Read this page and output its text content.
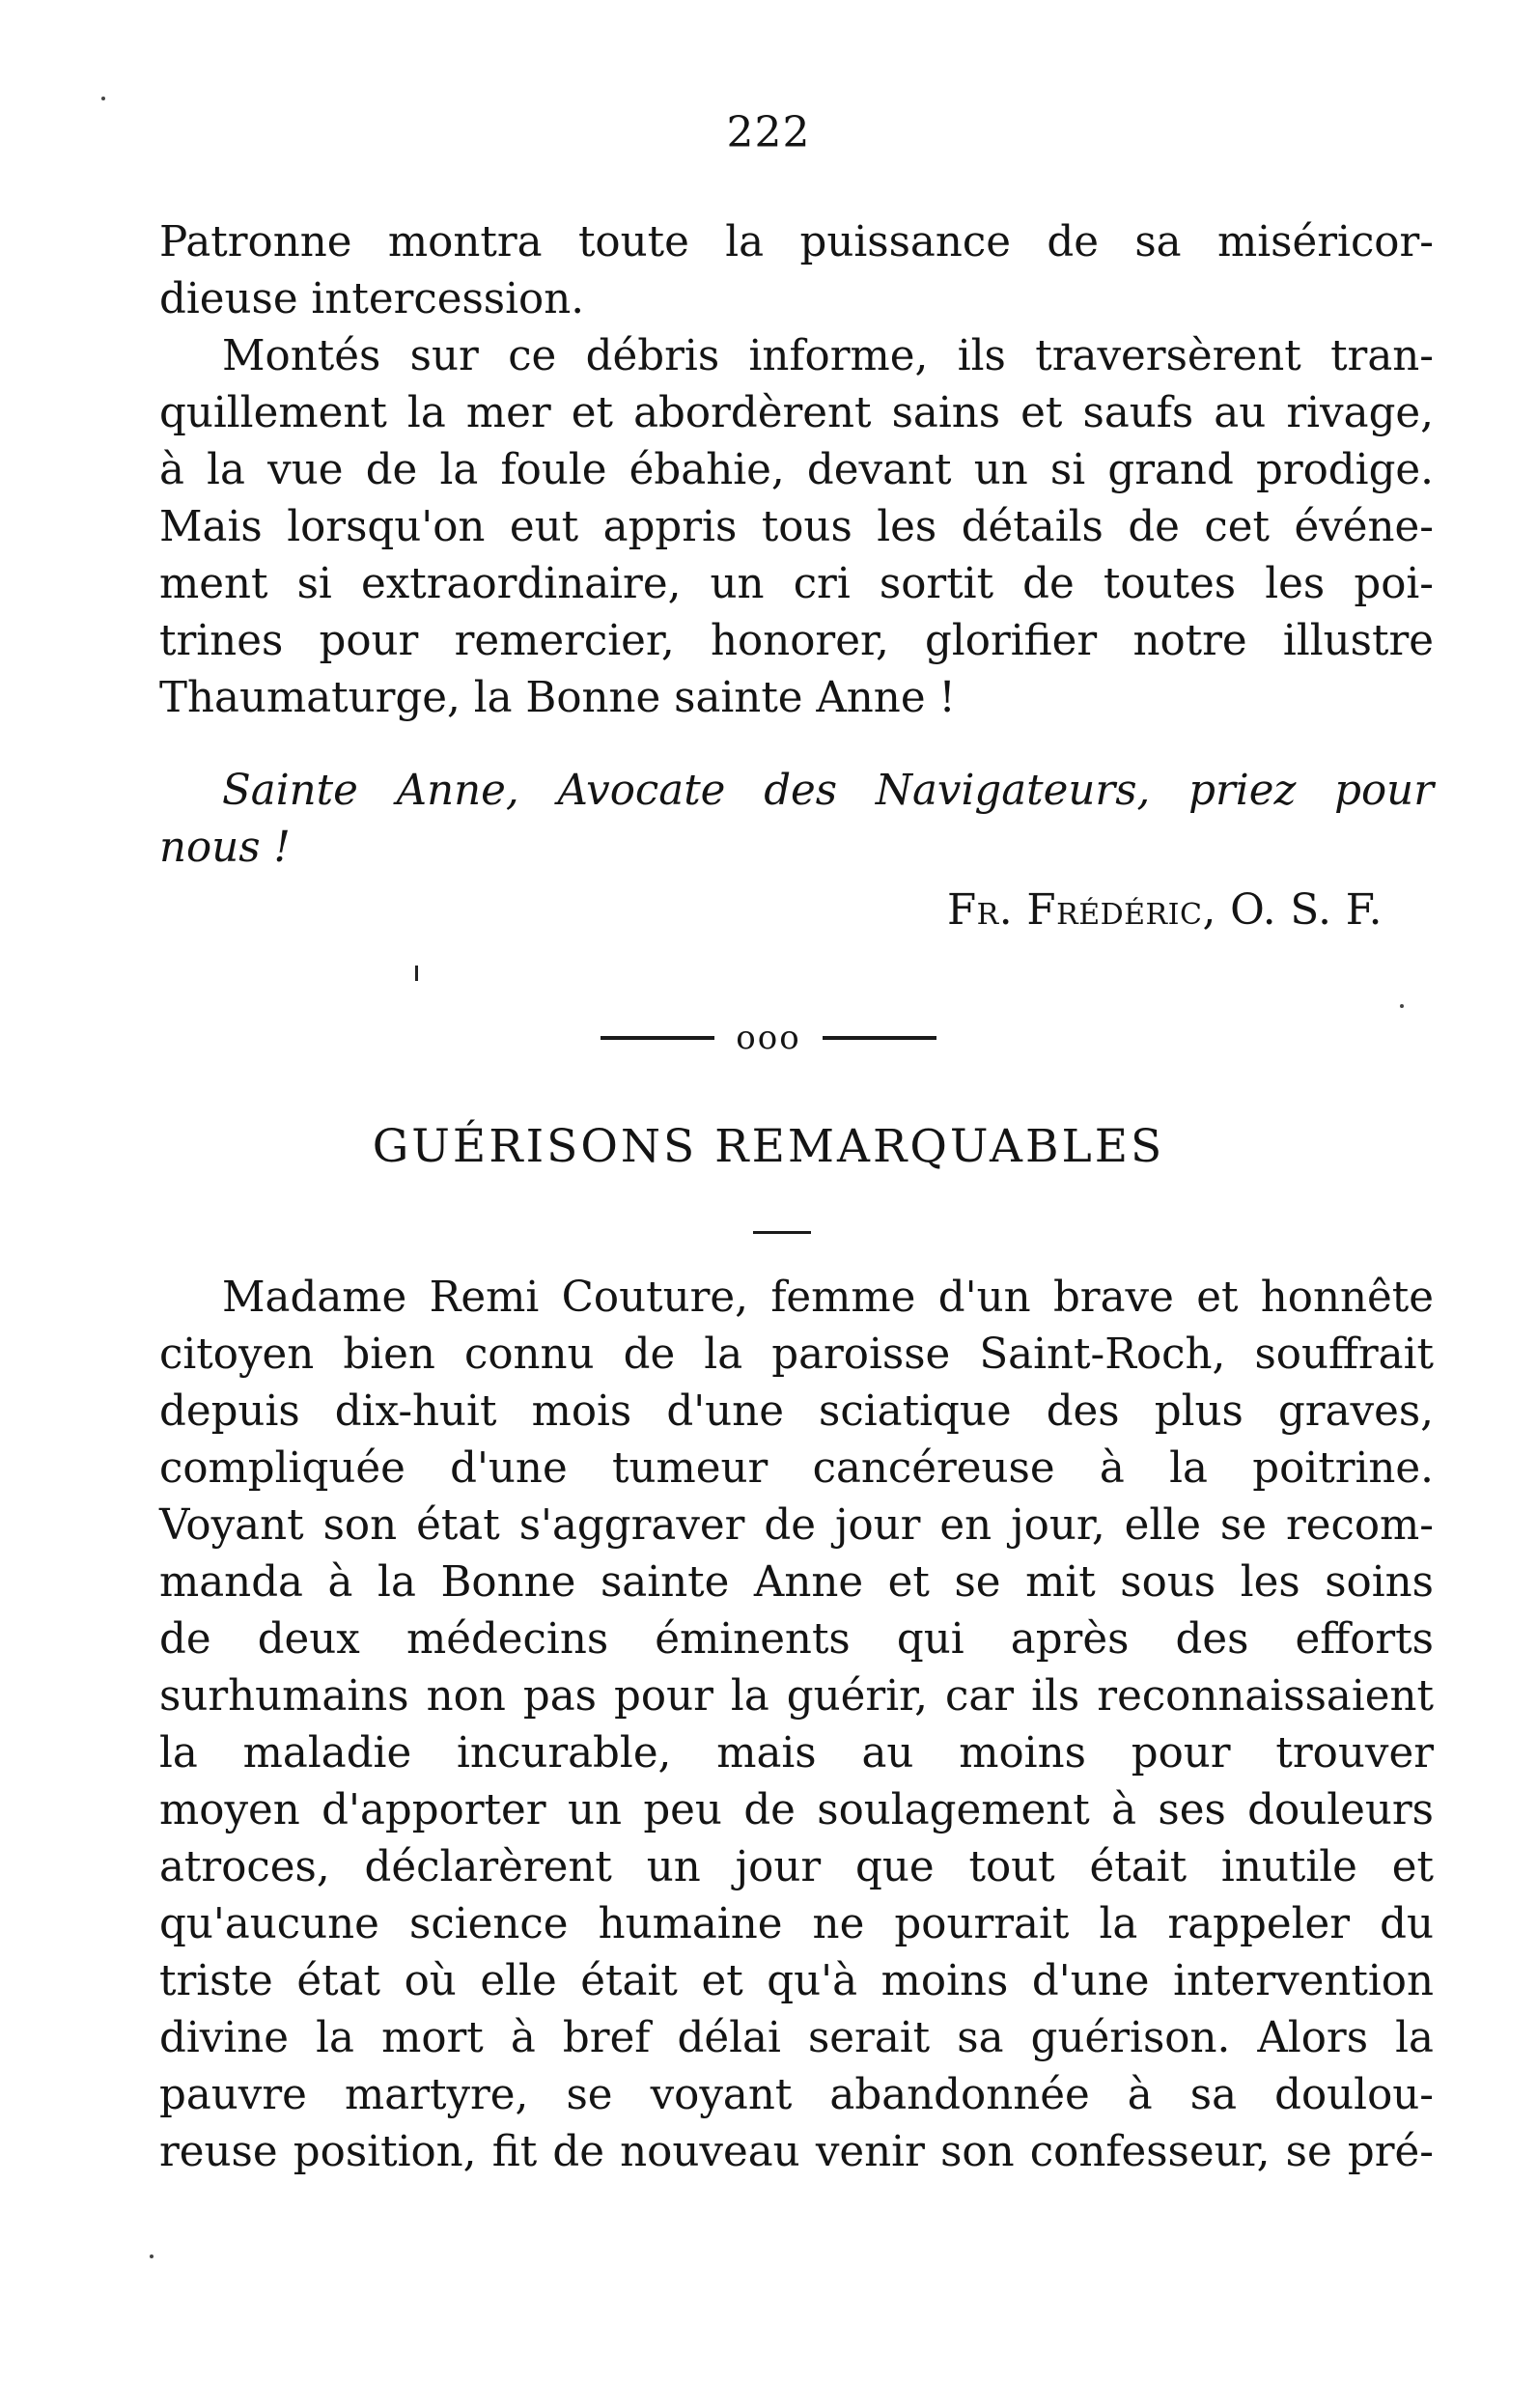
222
Patronne montra toute la puissance de sa miséricor-
dieuse intercession.
Montés sur ce débris informe, ils traversèrent tran-
quillement la mer et abordèrent sains et saufs au rivage,
à la vue de la foule ébahie, devant un si grand prodige.
Mais lorsqu'on eut appris tous les détails de cet événe-
ment si extraordinaire, un cri sortit de toutes les poi-
trines pour remercier, honorer, glorifier notre illustre
Thaumaturge, la Bonne sainte Anne !
Sainte Anne, Avocate des Navigateurs, priez pour
nous !
Fr. Frédéric, O. S. F.
ooo
GUÉRISONS REMARQUABLES
Madame Remi Couture, femme d'un brave et honnête
citoyen bien connu de la paroisse Saint-Roch, souffrait
depuis dix-huit mois d'une sciatique des plus graves,
compliquée d'une tumeur cancéreuse à la poitrine.
Voyant son état s'aggraver de jour en jour, elle se recom-
manda à la Bonne sainte Anne et se mit sous les soins
de deux médecins éminents qui après des efforts
surhumains non pas pour la guérir, car ils reconnaissaient
la maladie incurable, mais au moins pour trouver
moyen d'apporter un peu de soulagement à ses douleurs
atroces, déclarèrent un jour que tout était inutile et
qu'aucune science humaine ne pourrait la rappeler du
triste état où elle était et qu'à moins d'une intervention
divine la mort à bref délai serait sa guérison. Alors la
pauvre martyre, se voyant abandonnée à sa doulou-
reuse position, fit de nouveau venir son confesseur, se pré-
